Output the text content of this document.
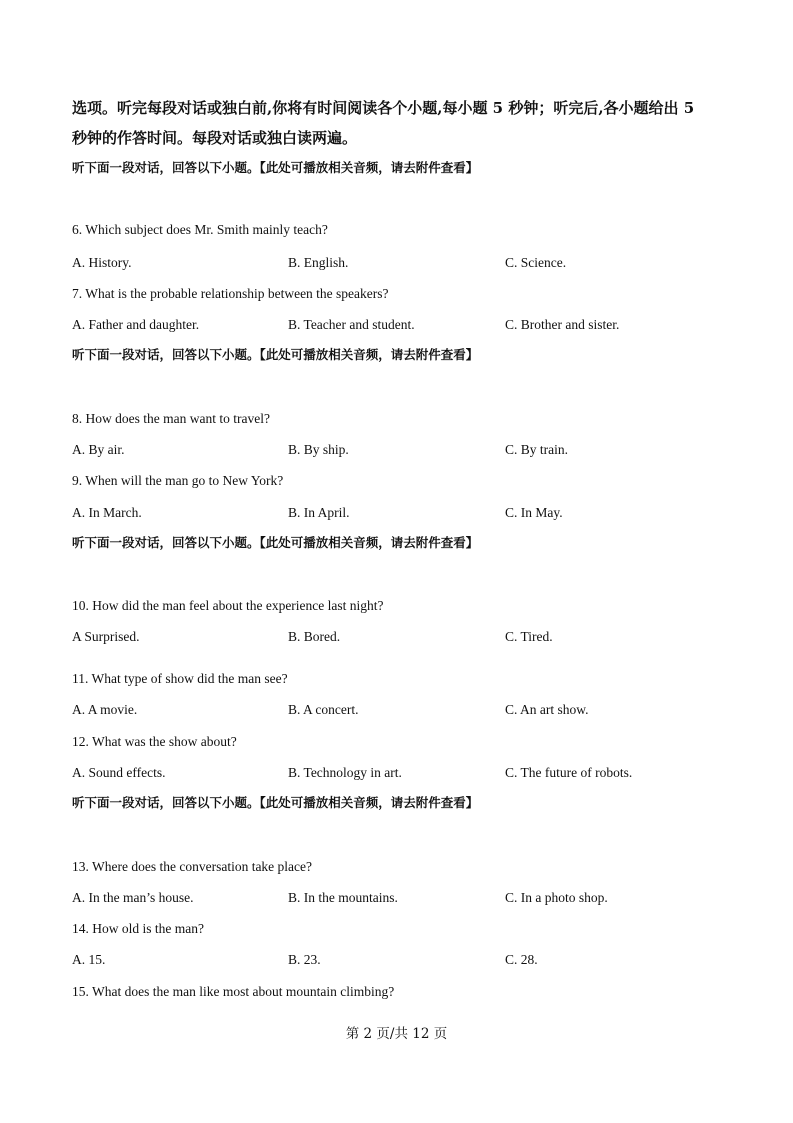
选项。听完每段对话或独白前,你将有时间阅读各个小题,每小题 5 秒钟；听完后,各小题给出 5
秒钟的作答时间。每段对话或独白读两遍。
听下面一段对话，回答以下小题。【此处可播放相关音频，请去附件查看】
6. Which subject does Mr. Smith mainly teach?
A. History.	B. English.	C. Science.
7. What is the probable relationship between the speakers?
A. Father and daughter.	B. Teacher and student.	C. Brother and sister.
听下面一段对话，回答以下小题。【此处可播放相关音频，请去附件查看】
8. How does the man want to travel?
A. By air.	B. By ship.	C. By train.
9. When will the man go to New York?
A. In March.	B. In April.	C. In May.
听下面一段对话，回答以下小题。【此处可播放相关音频，请去附件查看】
10. How did the man feel about the experience last night?
A Surprised.	B. Bored.	C. Tired.
11. What type of show did the man see?
A. A movie.	B. A concert.	C. An art show.
12. What was the show about?
A. Sound effects.	B. Technology in art.	C. The future of robots.
听下面一段对话，回答以下小题。【此处可播放相关音频，请去附件查看】
13. Where does the conversation take place?
A. In the man’s house.	B. In the mountains.	C. In a photo shop.
14. How old is the man?
A. 15.	B. 23.	C. 28.
15. What does the man like most about mountain climbing?
第 2 页/共 12 页
